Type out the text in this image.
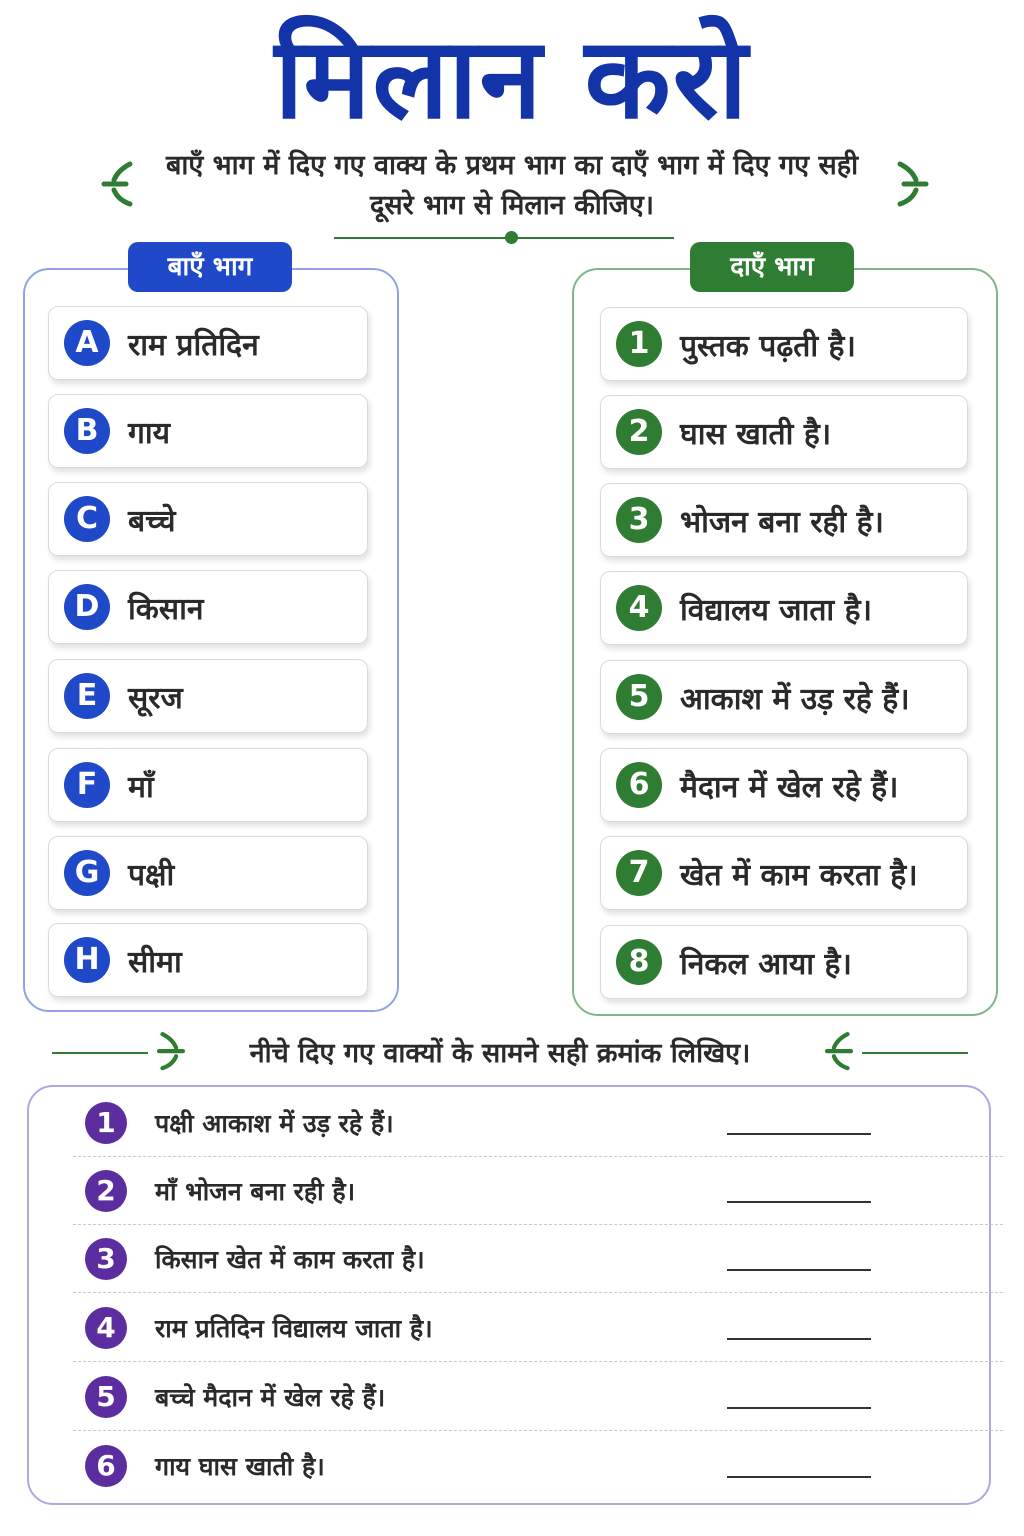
मिलान करो
बाएँ भाग में दिए गए वाक्य के प्रथम भाग का दाएँ भाग में दिए गए सही दूसरे भाग से मिलान कीजिए।
बाएँ भाग
A राम प्रतिदिन
B गाय
C बच्चे
D किसान
E	सूरज
F	माँ
G पक्षी
H सीमा
दाएँ भाग
1	पुस्तक पढ़ती है।
2	घास खाती है।
3	भोजन बना रही है।
4	विद्यालय जाता है।
5	आकाश में उड़ रहे हैं।
6	मैदान में खेल रहे हैं।
7	खेत में काम करता है।
8	निकल आया है।
नीचे दिए गए वाक्यों के सामने सही क्रमांक लिखिए।
1	पक्षी आकाश में उड़ रहे हैं।
2	माँ भोजन बना रही है।
3	किसान खेत में काम करता है।
4	राम प्रतिदिन विद्यालय जाता है।
5	बच्चे मैदान में खेल रहे हैं।
6	गाय घास खाती है।
